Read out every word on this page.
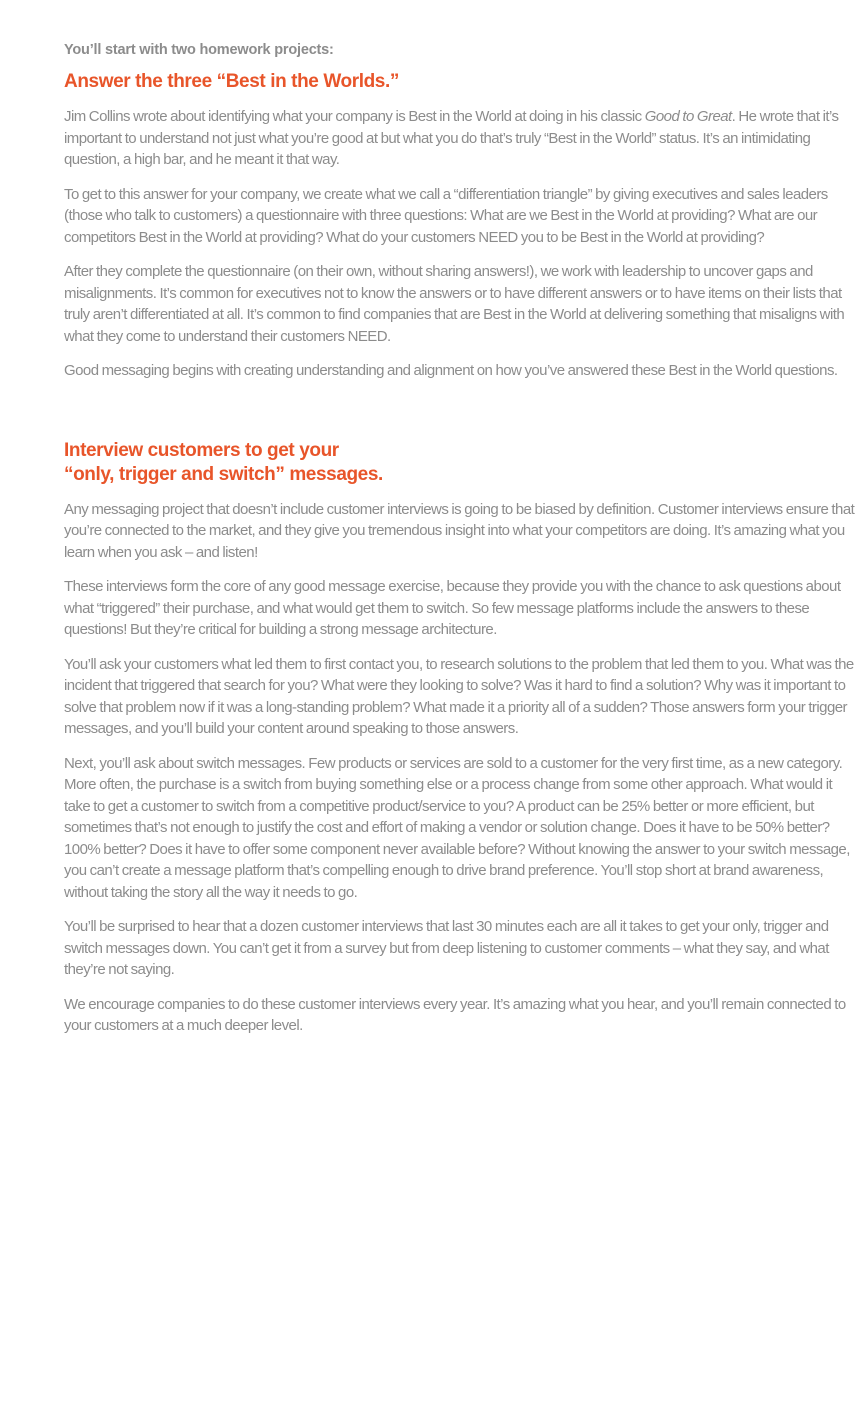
You’ll start with two homework projects:
Answer the three “Best in the Worlds.”

Jim Collins wrote about identifying what your company is Best in the World at doing in his classic Good to Great. He wrote that it’s important to understand not just what you’re good at but what you do that’s truly “Best in the World” status. It’s an intimidating question, a high bar, and he meant it that way.

To get to this answer for your company, we create what we call a “differentiation triangle” by giving executives and sales leaders (those who talk to customers) a questionnaire with three questions: What are we Best in the World at providing? What are our competitors Best in the World at providing? What do your customers NEED you to be Best in the World at providing?

After they complete the questionnaire (on their own, without sharing answers!), we work with leadership to uncover gaps and misalignments. It’s common for executives not to know the answers or to have different answers or to have items on their lists that truly aren’t differentiated at all. It’s common to find companies that are Best in the World at delivering something that misaligns with what they come to understand their customers NEED.

Good messaging begins with creating understanding and alignment on how you’ve answered these Best in the World questions.

Interview customers to get your
“only, trigger and switch” messages.

Any messaging project that doesn’t include customer interviews is going to be biased by definition. Customer interviews ensure that you’re connected to the market, and they give you tremendous insight into what your competitors are doing. It’s amazing what you learn when you ask – and listen!

These interviews form the core of any good message exercise, because they provide you with the chance to ask questions about what “triggered” their purchase, and what would get them to switch. So few message platforms include the answers to these questions! But they’re critical for building a strong message architecture.

You’ll ask your customers what led them to first contact you, to research solutions to the problem that led them to you. What was the incident that triggered that search for you? What were they looking to solve? Was it hard to find a solution? Why was it important to solve that problem now if it was a long-standing problem? What made it a priority all of a sudden? Those answers form your trigger messages, and you’ll build your content around speaking to those answers.

Next, you’ll ask about switch messages. Few products or services are sold to a customer for the very first time, as a new category. More often, the purchase is a switch from buying something else or a process change from some other approach. What would it take to get a customer to switch from a competitive product/service to you? A product can be 25% better or more efficient, but sometimes that’s not enough to justify the cost and effort of making a vendor or solution change. Does it have to be 50% better? 100% better? Does it have to offer some component never available before? Without knowing the answer to your switch message, you can’t create a message platform that’s compelling enough to drive brand preference. You’ll stop short at brand awareness, without taking the story all the way it needs to go.

You’ll be surprised to hear that a dozen customer interviews that last 30 minutes each are all it takes to get your only, trigger and switch messages down. You can’t get it from a survey but from deep listening to customer comments – what they say, and what they’re not saying.

We encourage companies to do these customer interviews every year. It’s amazing what you hear, and you’ll remain connected to your customers at a much deeper level.
